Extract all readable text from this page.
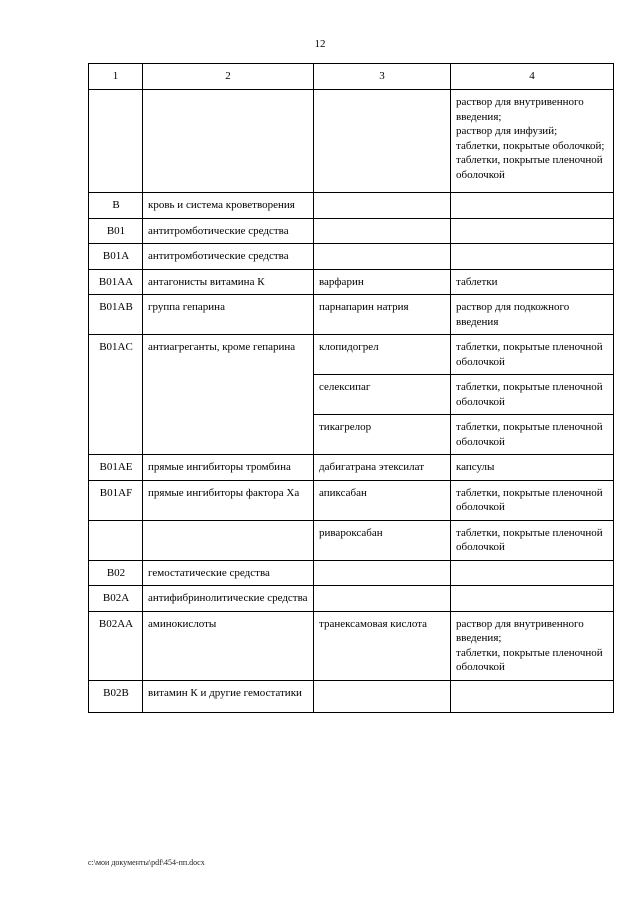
12
1	2	3	4

			раствор для внутривенного введения;
раствор для инфузий;
таблетки, покрытые оболочкой;
таблетки, покрытые пленочной оболочкой

B	кровь и система кроветворения		
B01	антитромботические средства		
B01A	антитромботические средства		
B01AA	антагонисты витамина К	варфарин	таблетки

B01AB	группа гепарина	парнапарин натрия	раствор для подкожного введения

B01AC	антиагреганты, кроме гепарина	клопидогрел	таблетки, покрытые пленочной оболочкой

		селексипаг	таблетки, покрытые пленочной оболочкой

		тикагрелор	таблетки, покрытые пленочной оболочкой

B01AE	прямые ингибиторы тромбина	дабигатрана этексилат	капсулы

B01AF	прямые ингибиторы фактора Xa	апиксабан	таблетки, покрытые пленочной оболочкой

		ривароксабан	таблетки, покрытые пленочной оболочкой

B02	гемостатические средства		
B02A	антифибринолитические средства		
B02AA	аминокислоты	транексамовая кислота	раствор для внутривенного введения;
таблетки, покрытые пленочной оболочкой

B02B	витамин К и другие гемостатики		
c:\мои документы\pdf\454-пп.docx
